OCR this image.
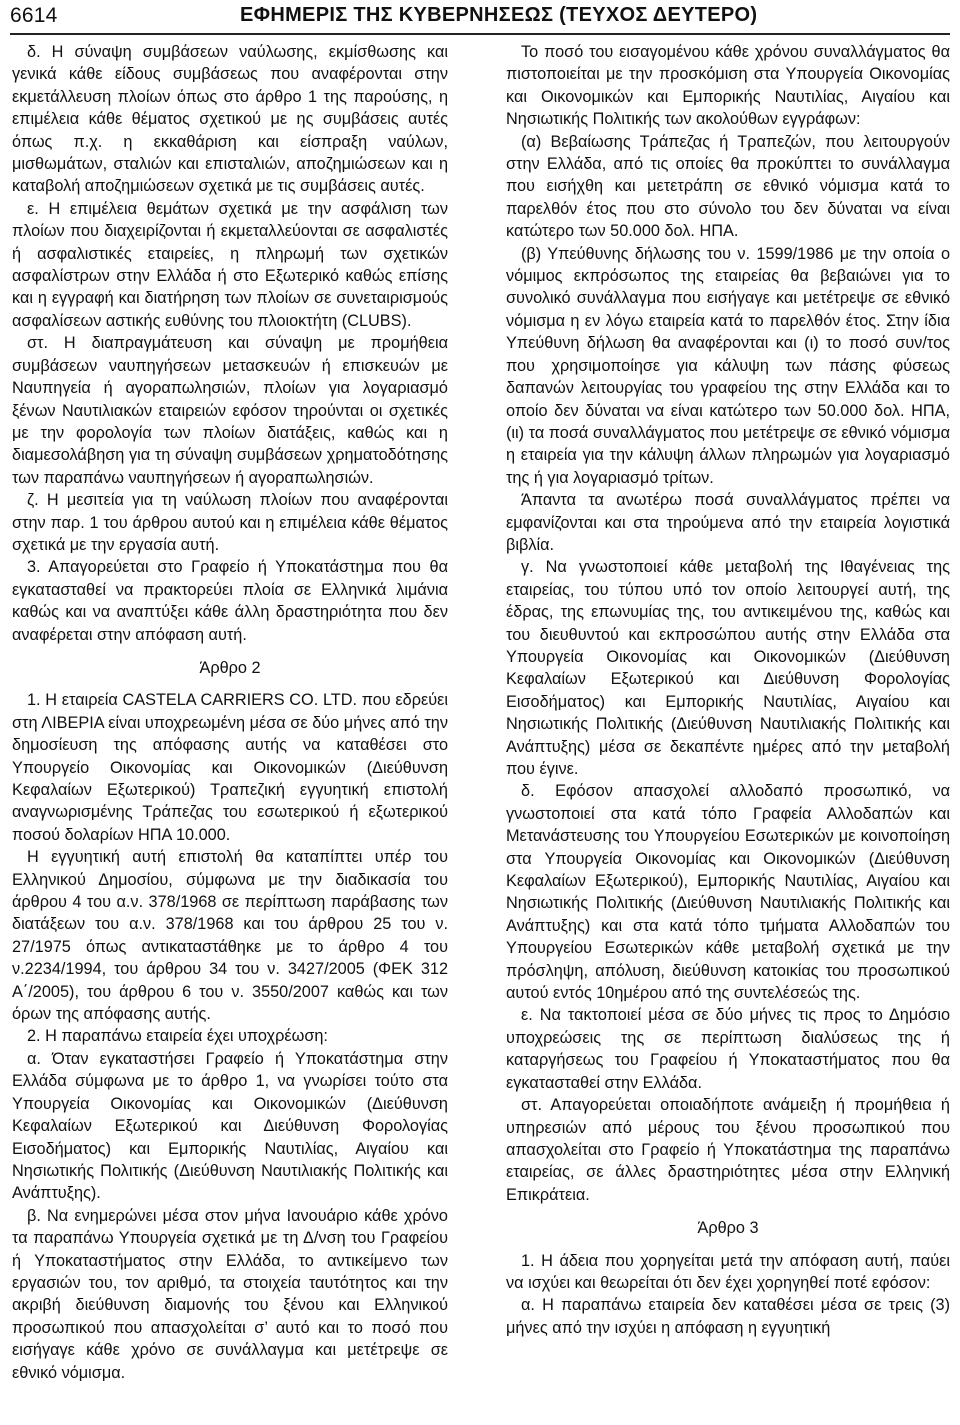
6614	ΕΦΗΜΕΡΙΣ ΤΗΣ ΚΥΒΕΡΝΗΣΕΩΣ (ΤΕΥΧΟΣ ΔΕΥΤΕΡΟ)

δ. Η σύναψη συμβάσεων ναύλωσης, εκμίσθωσης και γενικά κάθε είδους συμβάσεως που αναφέρονται στην εκμετάλλευση πλοίων όπως στο άρθρο 1 της παρούσης, η επιμέλεια κάθε θέματος σχετικού με ης συμβάσεις αυτές όπως π.χ. η εκκαθάριση και είσπραξη ναύλων, μισθωμάτων, σταλιών και επισταλιών, αποζημιώσεων και η καταβολή αποζημιώσεων σχετικά με τις συμβάσεις αυτές.

ε. Η επιμέλεια θεμάτων σχετικά με την ασφάλιση των πλοίων που διαχειρίζονται ή εκμεταλλεύονται σε ασφαλιστές ή ασφαλιστικές εταιρείες, η πληρωμή των σχετικών ασφαλίστρων στην Ελλάδα ή στο Εξωτερικό καθώς επίσης και η εγγραφή και διατήρηση των πλοίων σε συνεταιρισμούς ασφαλίσεων αστικής ευθύνης του πλοιοκτήτη (CLUBS).

στ. Η διαπραγμάτευση και σύναψη με προμήθεια συμβάσεων ναυπηγήσεων μετασκευών ή επισκευών με Ναυπηγεία ή αγοραπωλησιών, πλοίων για λογαριασμό ξένων Ναυτιλιακών εταιρειών εφόσον τηρούνται οι σχετικές με την φορολογία των πλοίων διατάξεις, καθώς και η διαμεσολάβηση για τη σύναψη συμβάσεων χρηματοδότησης των παραπάνω ναυπηγήσεων ή αγοραπωλησιών.

ζ. Η μεσιτεία για τη ναύλωση πλοίων που αναφέρονται στην παρ. 1 του άρθρου αυτού και η επιμέλεια κάθε θέματος σχετικά με την εργασία αυτή.

3. Απαγορεύεται στο Γραφείο ή Υποκατάστημα που θα εγκατασταθεί να πρακτορεύει πλοία σε Ελληνικά λιμάνια καθώς και να αναπτύξει κάθε άλλη δραστηριότητα που δεν αναφέρεται στην απόφαση αυτή.

Άρθρο 2

1. Η εταιρεία CASTELA CARRIERS CO. LTD. που εδρεύει στη ΛΙΒΕΡΙΑ είναι υποχρεωμένη μέσα σε δύο μήνες από την δημοσίευση της απόφασης αυτής να καταθέσει στο Υπουργείο Οικονομίας και Οικονομικών (Διεύθυνση Κεφαλαίων Εξωτερικού) Τραπεζική εγγυητική επιστολή αναγνωρισμένης Τράπεζας του εσωτερικού ή εξωτερικού ποσού δολαρίων ΗΠΑ 10.000.

Η εγγυητική αυτή επιστολή θα καταπίπτει υπέρ του Ελληνικού Δημοσίου, σύμφωνα με την διαδικασία του άρθρου 4 του α.ν. 378/1968 σε περίπτωση παράβασης των διατάξεων του α.ν. 378/1968 και του άρθρου 25 του ν. 27/1975 όπως αντικαταστάθηκε με το άρθρο 4 του ν.2234/1994, του άρθρου 34 του ν. 3427/2005 (ΦΕΚ 312 Α΄/2005), του άρθρου 6 του ν. 3550/2007 καθώς και των όρων της απόφασης αυτής.

2. Η παραπάνω εταιρεία έχει υποχρέωση:

α. Όταν εγκαταστήσει Γραφείο ή Υποκατάστημα στην Ελλάδα σύμφωνα με το άρθρο 1, να γνωρίσει τούτο στα Υπουργεία Οικονομίας και Οικονομικών (Διεύθυνση Κεφαλαίων Εξωτερικού και Διεύθυνση Φορολογίας Εισοδήματος) και Εμπορικής Ναυτιλίας, Αιγαίου και Νησιωτικής Πολιτικής (Διεύθυνση Ναυτιλιακής Πολιτικής και Ανάπτυξης).

β. Να ενημερώνει μέσα στον μήνα Ιανουάριο κάθε χρόνο τα παραπάνω Υπουργεία σχετικά με τη Δ/νση του Γραφείου ή Υποκαταστήματος στην Ελλάδα, το αντικείμενο των εργασιών του, τον αριθμό, τα στοιχεία ταυτότητος και την ακριβή διεύθυνση διαμονής του ξένου και Ελληνικού προσωπικού που απασχολείται σ’ αυτό και το ποσό που εισήγαγε κάθε χρόνο σε συνάλλαγμα και μετέτρεψε σε εθνικό νόμισμα.

Το ποσό του εισαγομένου κάθε χρόνου συναλλάγματος θα πιστοποιείται με την προσκόμιση στα Υπουργεία Οικονομίας και Οικονομικών και Εμπορικής Ναυτιλίας, Αιγαίου και Νησιωτικής Πολιτικής των ακολούθων εγγράφων:

(α) Βεβαίωσης Τράπεζας ή Τραπεζών, που λειτουργούν στην Ελλάδα, από τις οποίες θα προκύπτει το συνάλλαγμα που εισήχθη και μετετράπη σε εθνικό νόμισμα κατά το παρελθόν έτος που στο σύνολο του δεν δύναται να είναι κατώτερο των 50.000 δολ. ΗΠΑ.

(β) Υπεύθυνης δήλωσης του ν. 1599/1986 με την οποία ο νόμιμος εκπρόσωπος της εταιρείας θα βεβαιώνει για το συνολικό συνάλλαγμα που εισήγαγε και μετέτρεψε σε εθνικό νόμισμα η εν λόγω εταιρεία κατά το παρελθόν έτος. Στην ίδια Υπεύθυνη δήλωση θα αναφέρονται και (ι) το ποσό συν/τος που χρησιμοποίησε για κάλυψη των πάσης φύσεως δαπανών λειτουργίας του γραφείου της στην Ελλάδα και το οποίο δεν δύναται να είναι κατώτερο των 50.000 δολ. ΗΠΑ, (ιι) τα ποσά συναλλάγματος που μετέτρεψε σε εθνικό νόμισμα η εταιρεία για την κάλυψη άλλων πληρωμών για λογαριασμό της ή για λογαριασμό τρίτων.

Άπαντα τα ανωτέρω ποσά συναλλάγματος πρέπει να εμφανίζονται και στα τηρούμενα από την εταιρεία λογιστικά βιβλία.

γ. Να γνωστοποιεί κάθε μεταβολή της Ιθαγένειας της εταιρείας, του τύπου υπό τον οποίο λειτουργεί αυτή, της έδρας, της επωνυμίας της, του αντικειμένου της, καθώς και του διευθυντού και εκπροσώπου αυτής στην Ελλάδα στα Υπουργεία Οικονομίας και Οικονομικών (Διεύθυνση Κεφαλαίων Εξωτερικού και Διεύθυνση Φορολογίας Εισοδήματος) και Εμπορικής Ναυτιλίας, Αιγαίου και Νησιωτικής Πολιτικής (Διεύθυνση Ναυτιλιακής Πολιτικής και Ανάπτυξης) μέσα σε δεκαπέντε ημέρες από την μεταβολή που έγινε.

δ. Εφόσον απασχολεί αλλοδαπό προσωπικό, να γνωστοποιεί στα κατά τόπο Γραφεία Αλλοδαπών και Μετανάστευσης του Υπουργείου Εσωτερικών με κοινοποίηση στα Υπουργεία Οικονομίας και Οικονομικών (Διεύθυνση Κεφαλαίων Εξωτερικού), Εμπορικής Ναυτιλίας, Αιγαίου και Νησιωτικής Πολιτικής (Διεύθυνση Ναυτιλιακής Πολιτικής και Ανάπτυξης) και στα κατά τόπο τμήματα Αλλοδαπών του Υπουργείου Εσωτερικών κάθε μεταβολή σχετικά με την πρόσληψη, απόλυση, διεύθυνση κατοικίας του προσωπικού αυτού εντός 10ημέρου από της συντελέσεώς της.

ε. Να τακτοποιεί μέσα σε δύο μήνες τις προς το Δημόσιο υποχρεώσεις της σε περίπτωση διαλύσεως της ή καταργήσεως του Γραφείου ή Υποκαταστήματος που θα εγκατασταθεί στην Ελλάδα.

στ. Απαγορεύεται οποιαδήποτε ανάμειξη ή προμήθεια ή υπηρεσιών από μέρους του ξένου προσωπικού που απασχολείται στο Γραφείο ή Υποκατάστημα της παραπάνω εταιρείας, σε άλλες δραστηριότητες μέσα στην Ελληνική Επικράτεια.

Άρθρο 3

1. Η άδεια που χορηγείται μετά την απόφαση αυτή, παύει να ισχύει και θεωρείται ότι δεν έχει χορηγηθεί ποτέ εφόσον:

α. Η παραπάνω εταιρεία δεν καταθέσει μέσα σε τρεις (3) μήνες από την ισχύει η απόφαση η εγγυητική
